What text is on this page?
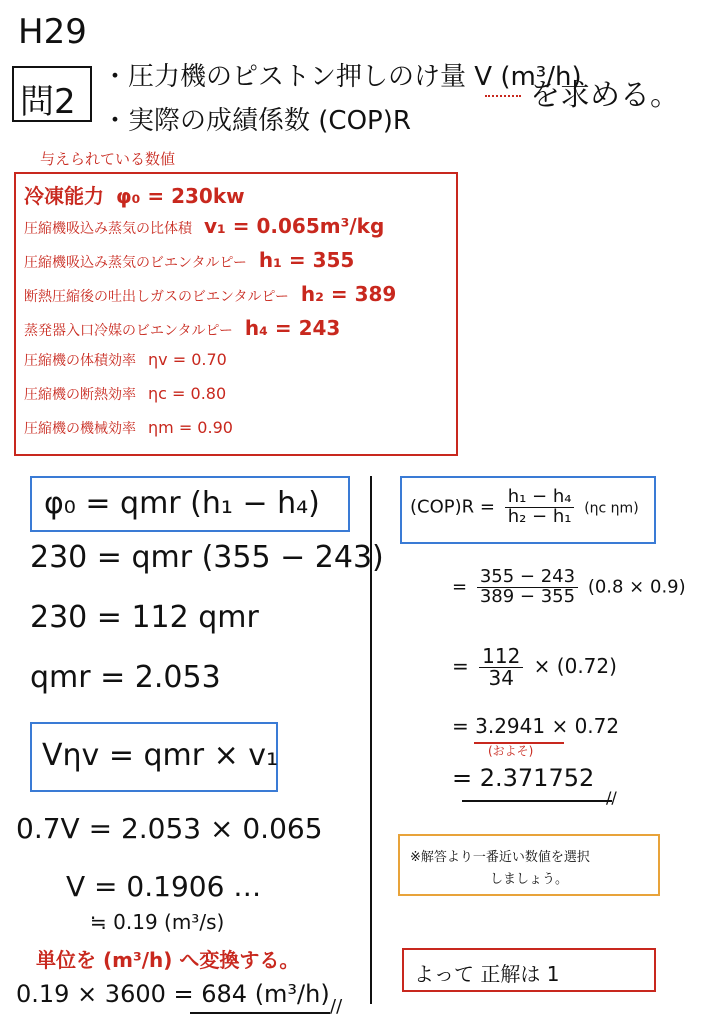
H29
問2
・圧力機のピストン押しのけ量 V (m³/h)
を求める。
・実際の成績係数 (COP)R
与えられている数値
冷凍能力 φ₀ = 230kw
圧縮機吸込み蒸気の比体積 v₁ = 0.065m³/kg
圧縮機吸込み蒸気のビエンタルピー h₁ = 355
断熱圧縮後の吐出しガスのビエンタルピー h₂ = 389
蒸発器入口冷媒のビエンタルピー h₄ = 243
圧縮機の体積効率 ηv = 0.70
圧縮機の断熱効率 ηc = 0.80
圧縮機の機械効率 ηm = 0.90
φ₀ = qmr (h₁ − h₄)
230 = qmr (355 − 243)
230 = 112 qmr
qmr = 2.053
Vηv = qmr × v₁
0.7V = 2.053 × 0.065
V = 0.1906 …
≒ 0.19 (m³/s)
単位を (m³/h) へ変換する。
0.19 × 3600 = 684 (m³/h) //
$(COP)R = \frac{\text{h₁ − h₄}}{\text{h₂ − h₁}} (\eta c$ ηm)
= $\frac{355 - 243}{389 - 355} (0.8 \times 0.9)$
= $\frac{112}{34} \times (0.72)$
= 3.2941 × 0.72
(およそ)
= 2.371752
//
※解答より一番近い数値を選択
しましょう。
よって 正解は 1
